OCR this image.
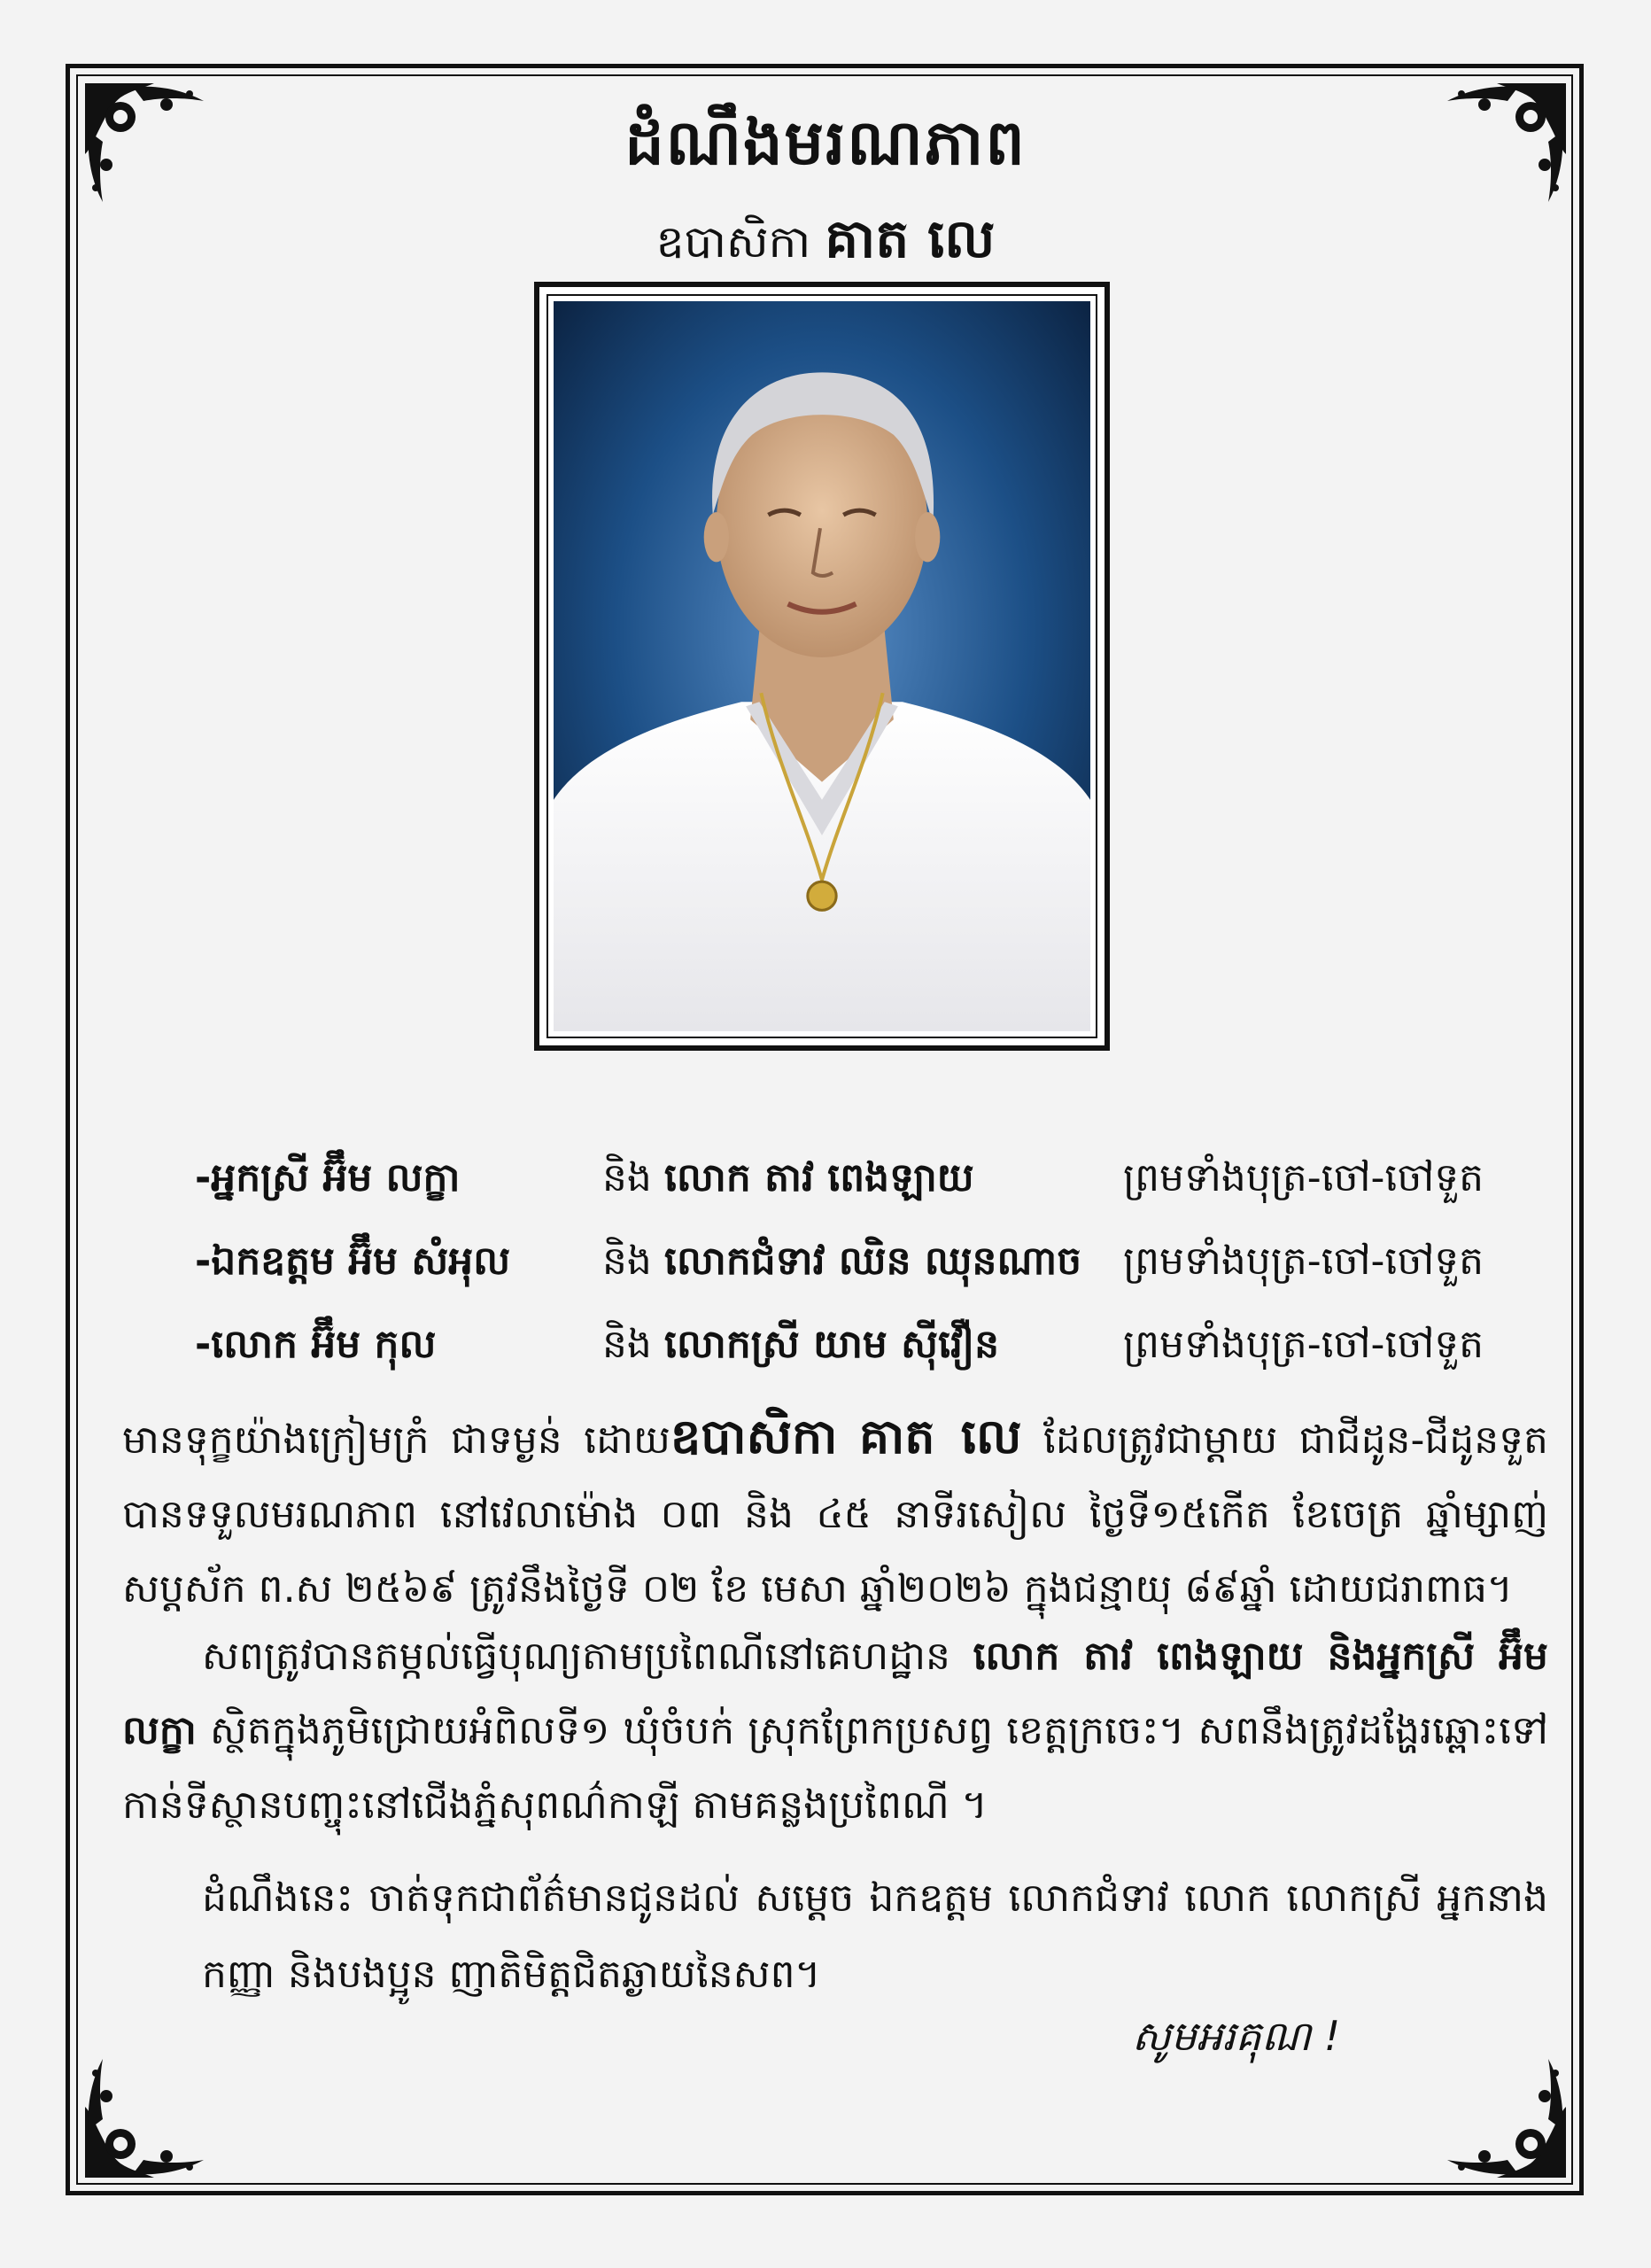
ដំណឹងមរណភាព
ឧបាសិកា គាត លេ
-អ្នកស្រី អ៊ឹម លក្ខា	និង លោក តាវ ពេងឡាយ	ព្រមទាំងបុត្រ-ចៅ-ចៅទួត
-ឯកឧត្តម អ៊ឹម សំអុល និង លោកជំទាវ ឈិន ឈុនណាច ព្រមទាំងបុត្រ-ចៅ-ចៅទួត
-លោក អ៊ឹម កុល	និង លោកស្រី យាម ស៊ីវឿន	ព្រមទាំងបុត្រ-ចៅ-ចៅទួត
មានទុក្ខយ៉ាងក្រៀមក្រំ ជាទម្ងន់ ដោយឧបាសិកា គាត លេ ដែលត្រូវជាម្តាយ ជាជីដូន-ជីដូនទួត បានទទួលមរណភាព នៅវេលាម៉ោង ០៣ និង ៤៥ នាទីរសៀល ថ្ងៃទី១៥កើត ខែចេត្រ ឆ្នាំម្សាញ់ សប្តស័ក ព.ស ២៥៦៩ ត្រូវនឹងថ្ងៃទី ០២ ខែ មេសា ឆ្នាំ២០២៦ ក្នុងជន្មាយុ ៨៩ឆ្នាំ ដោយជរាពាធ។
សពត្រូវបានតម្កល់ធ្វើបុណ្យតាមប្រពៃណីនៅគេហដ្ឋាន លោក តាវ ពេងឡាយ និងអ្នកស្រី អ៊ឹម លក្ខា ស្ថិតក្នុងភូមិជ្រោយអំពិលទី១ ឃុំចំបក់ ស្រុកព្រែកប្រសព្វ ខេត្តក្រចេះ។ សពនឹងត្រូវដង្ហែរឆ្ពោះទៅកាន់ទីស្ថានបញ្ចុះនៅជើងភ្នំសុពណ៌កាឡី តាមគន្លងប្រពៃណី ។
ដំណឹងនេះ ចាត់ទុកជាព័ត៌មានជូនដល់ សម្តេច ឯកឧត្តម លោកជំទាវ លោក លោកស្រី អ្នកនាង កញ្ញា និងបងប្អូន ញាតិមិត្តជិតឆ្ងាយនៃសព។
សូមអរគុណ !
